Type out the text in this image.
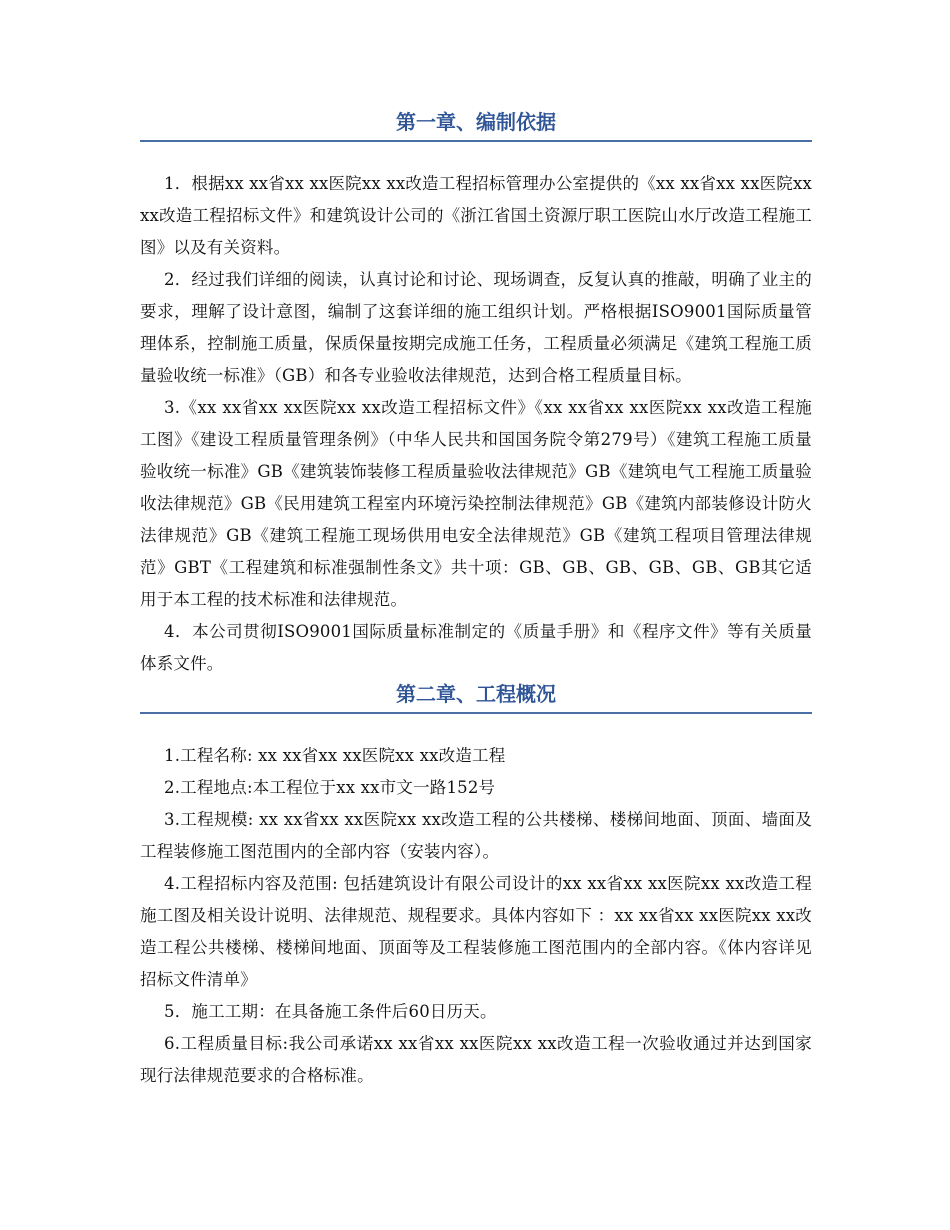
第一章、编制依据

1．根据xx xx省xx xx医院xx xx改造工程招标管理办公室提供的《xx xx省xx xx医院xx xx改造工程招标文件》和建筑设计公司的《浙江省国土资源厅职工医院山水厅改造工程施工图》以及有关资料。

2．经过我们详细的阅读，认真讨论和讨论、现场调查，反复认真的推敲，明确了业主的要求，理解了设计意图，编制了这套详细的施工组织计划。严格根据ISO9001国际质量管理体系，控制施工质量，保质保量按期完成施工任务，工程质量必须满足《建筑工程施工质量验收统一标准》（GB）和各专业验收法律规范，达到合格工程质量目标。

3.《xx xx省xx xx医院xx xx改造工程招标文件》《xx xx省xx xx医院xx xx改造工程施工图》《建设工程质量管理条例》（中华人民共和国国务院令第279号）《建筑工程施工质量验收统一标准》GB《建筑装饰装修工程质量验收法律规范》GB《建筑电气工程施工质量验收法律规范》GB《民用建筑工程室内环境污染控制法律规范》GB《建筑内部装修设计防火法律规范》GB《建筑工程施工现场供用电安全法律规范》GB《建筑工程项目管理法律规范》GBT《工程建筑和标准强制性条文》共十项：GB、GB、GB、GB、GB、GB其它适用于本工程的技术标准和法律规范。

4．本公司贯彻ISO9001国际质量标准制定的《质量手册》和《程序文件》等有关质量体系文件。

第二章、工程概况

1.工程名称: xx xx省xx xx医院xx xx改造工程

2.工程地点:本工程位于xx xx市文一路152号

3.工程规模: xx xx省xx xx医院xx xx改造工程的公共楼梯、楼梯间地面、顶面、墙面及工程装修施工图范围内的全部内容（安装内容）。

4.工程招标内容及范围: 包括建筑设计有限公司设计的xx xx省xx xx医院xx xx改造工程施工图及相关设计说明、法律规范、规程要求。具体内容如下 ：xx xx省xx xx医院xx xx改造工程公共楼梯、楼梯间地面、顶面等及工程装修施工图范围内的全部内容。《体内容详见招标文件清单》

5．施工工期：在具备施工条件后60日历天。

6.工程质量目标:我公司承诺xx xx省xx xx医院xx xx改造工程一次验收通过并达到国家现行法律规范要求的合格标准。
